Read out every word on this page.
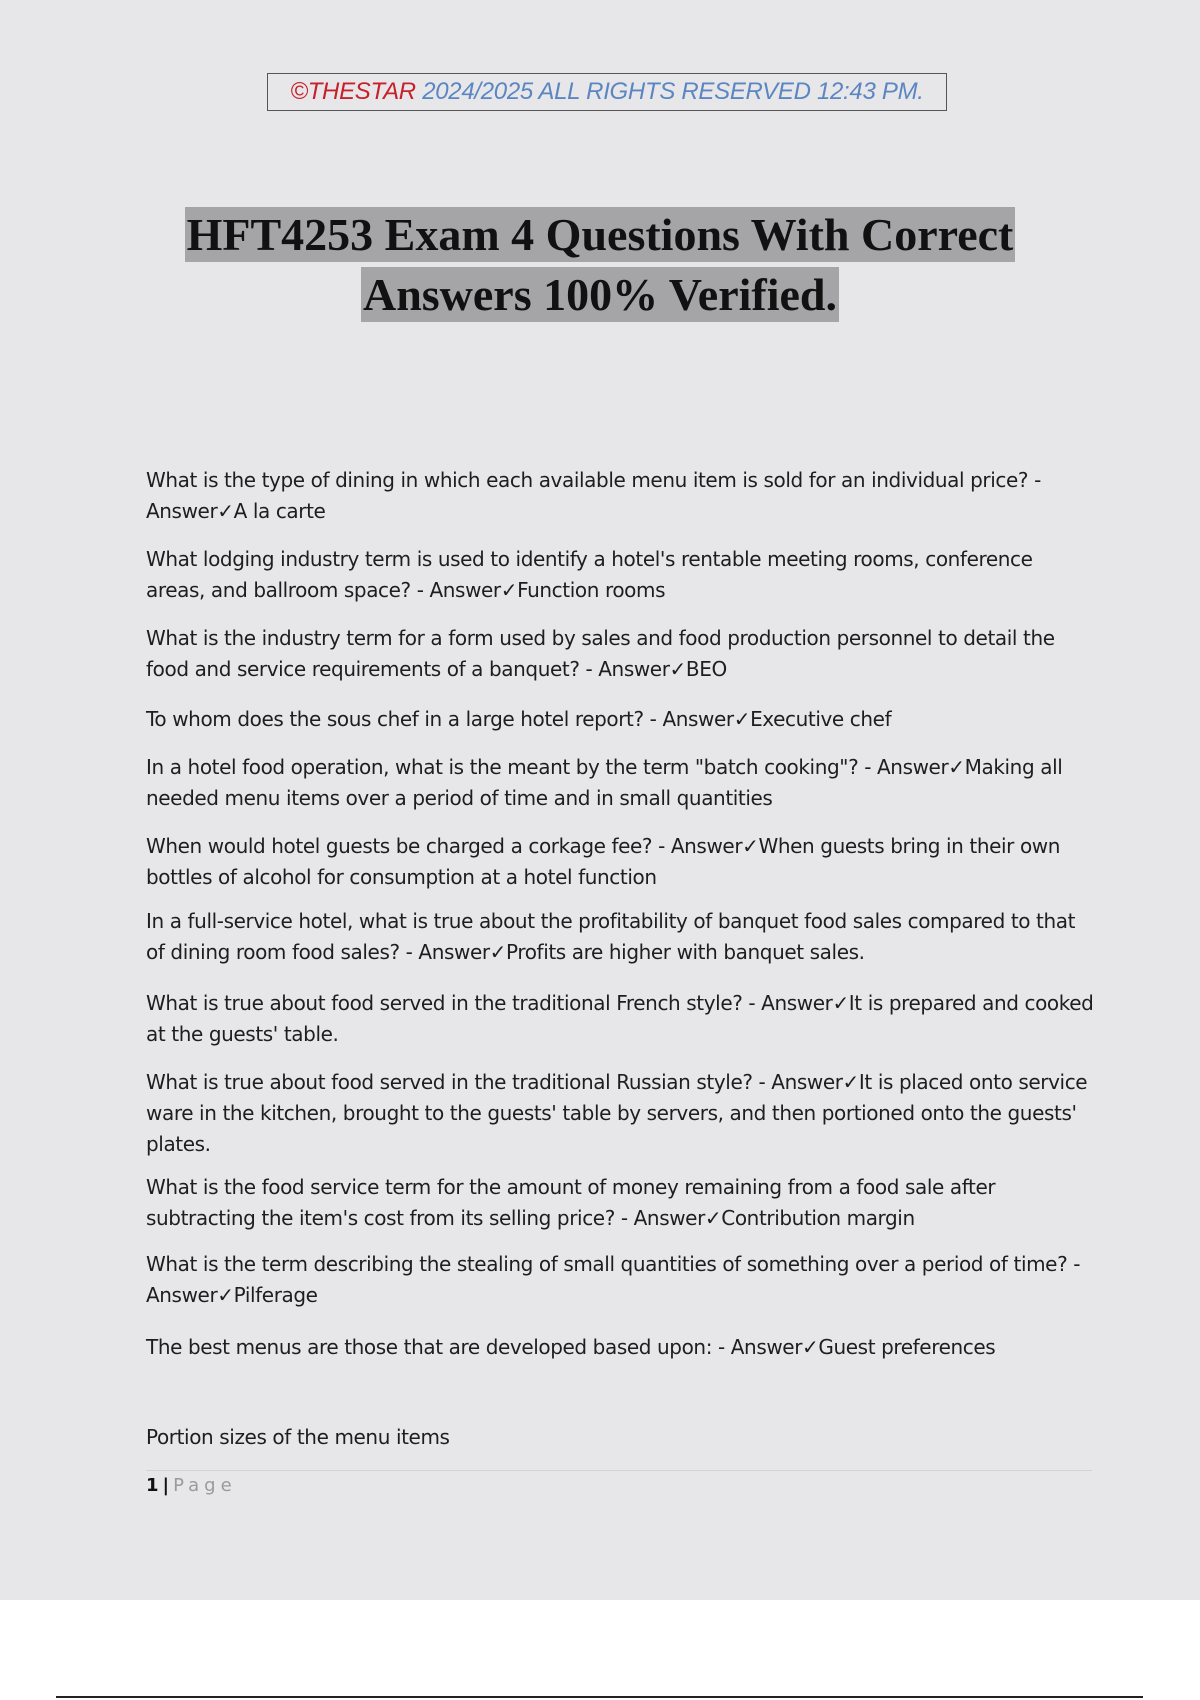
©THESTAR 2024/2025 ALL RIGHTS RESERVED 12:43 PM.
HFT4253 Exam 4 Questions With Correct
Answers 100% Verified.
What is the type of dining in which each available menu item is sold for an individual price? - Answer✓A la carte
What lodging industry term is used to identify a hotel's rentable meeting rooms, conference areas, and ballroom space? - Answer✓Function rooms
What is the industry term for a form used by sales and food production personnel to detail the food and service requirements of a banquet? - Answer✓BEO
To whom does the sous chef in a large hotel report? - Answer✓Executive chef
In a hotel food operation, what is the meant by the term "batch cooking"? - Answer✓Making all needed menu items over a period of time and in small quantities
When would hotel guests be charged a corkage fee? - Answer✓When guests bring in their own bottles of alcohol for consumption at a hotel function
In a full-service hotel, what is true about the profitability of banquet food sales compared to that of dining room food sales? - Answer✓Profits are higher with banquet sales.
What is true about food served in the traditional French style? - Answer✓It is prepared and cooked at the guests' table.
What is true about food served in the traditional Russian style? - Answer✓It is placed onto service ware in the kitchen, brought to the guests' table by servers, and then portioned onto the guests' plates.
What is the food service term for the amount of money remaining from a food sale after subtracting the item's cost from its selling price? - Answer✓Contribution margin
What is the term describing the stealing of small quantities of something over a period of time? - Answer✓Pilferage
The best menus are those that are developed based upon: - Answer✓Guest preferences
Portion sizes of the menu items
1 | Page
